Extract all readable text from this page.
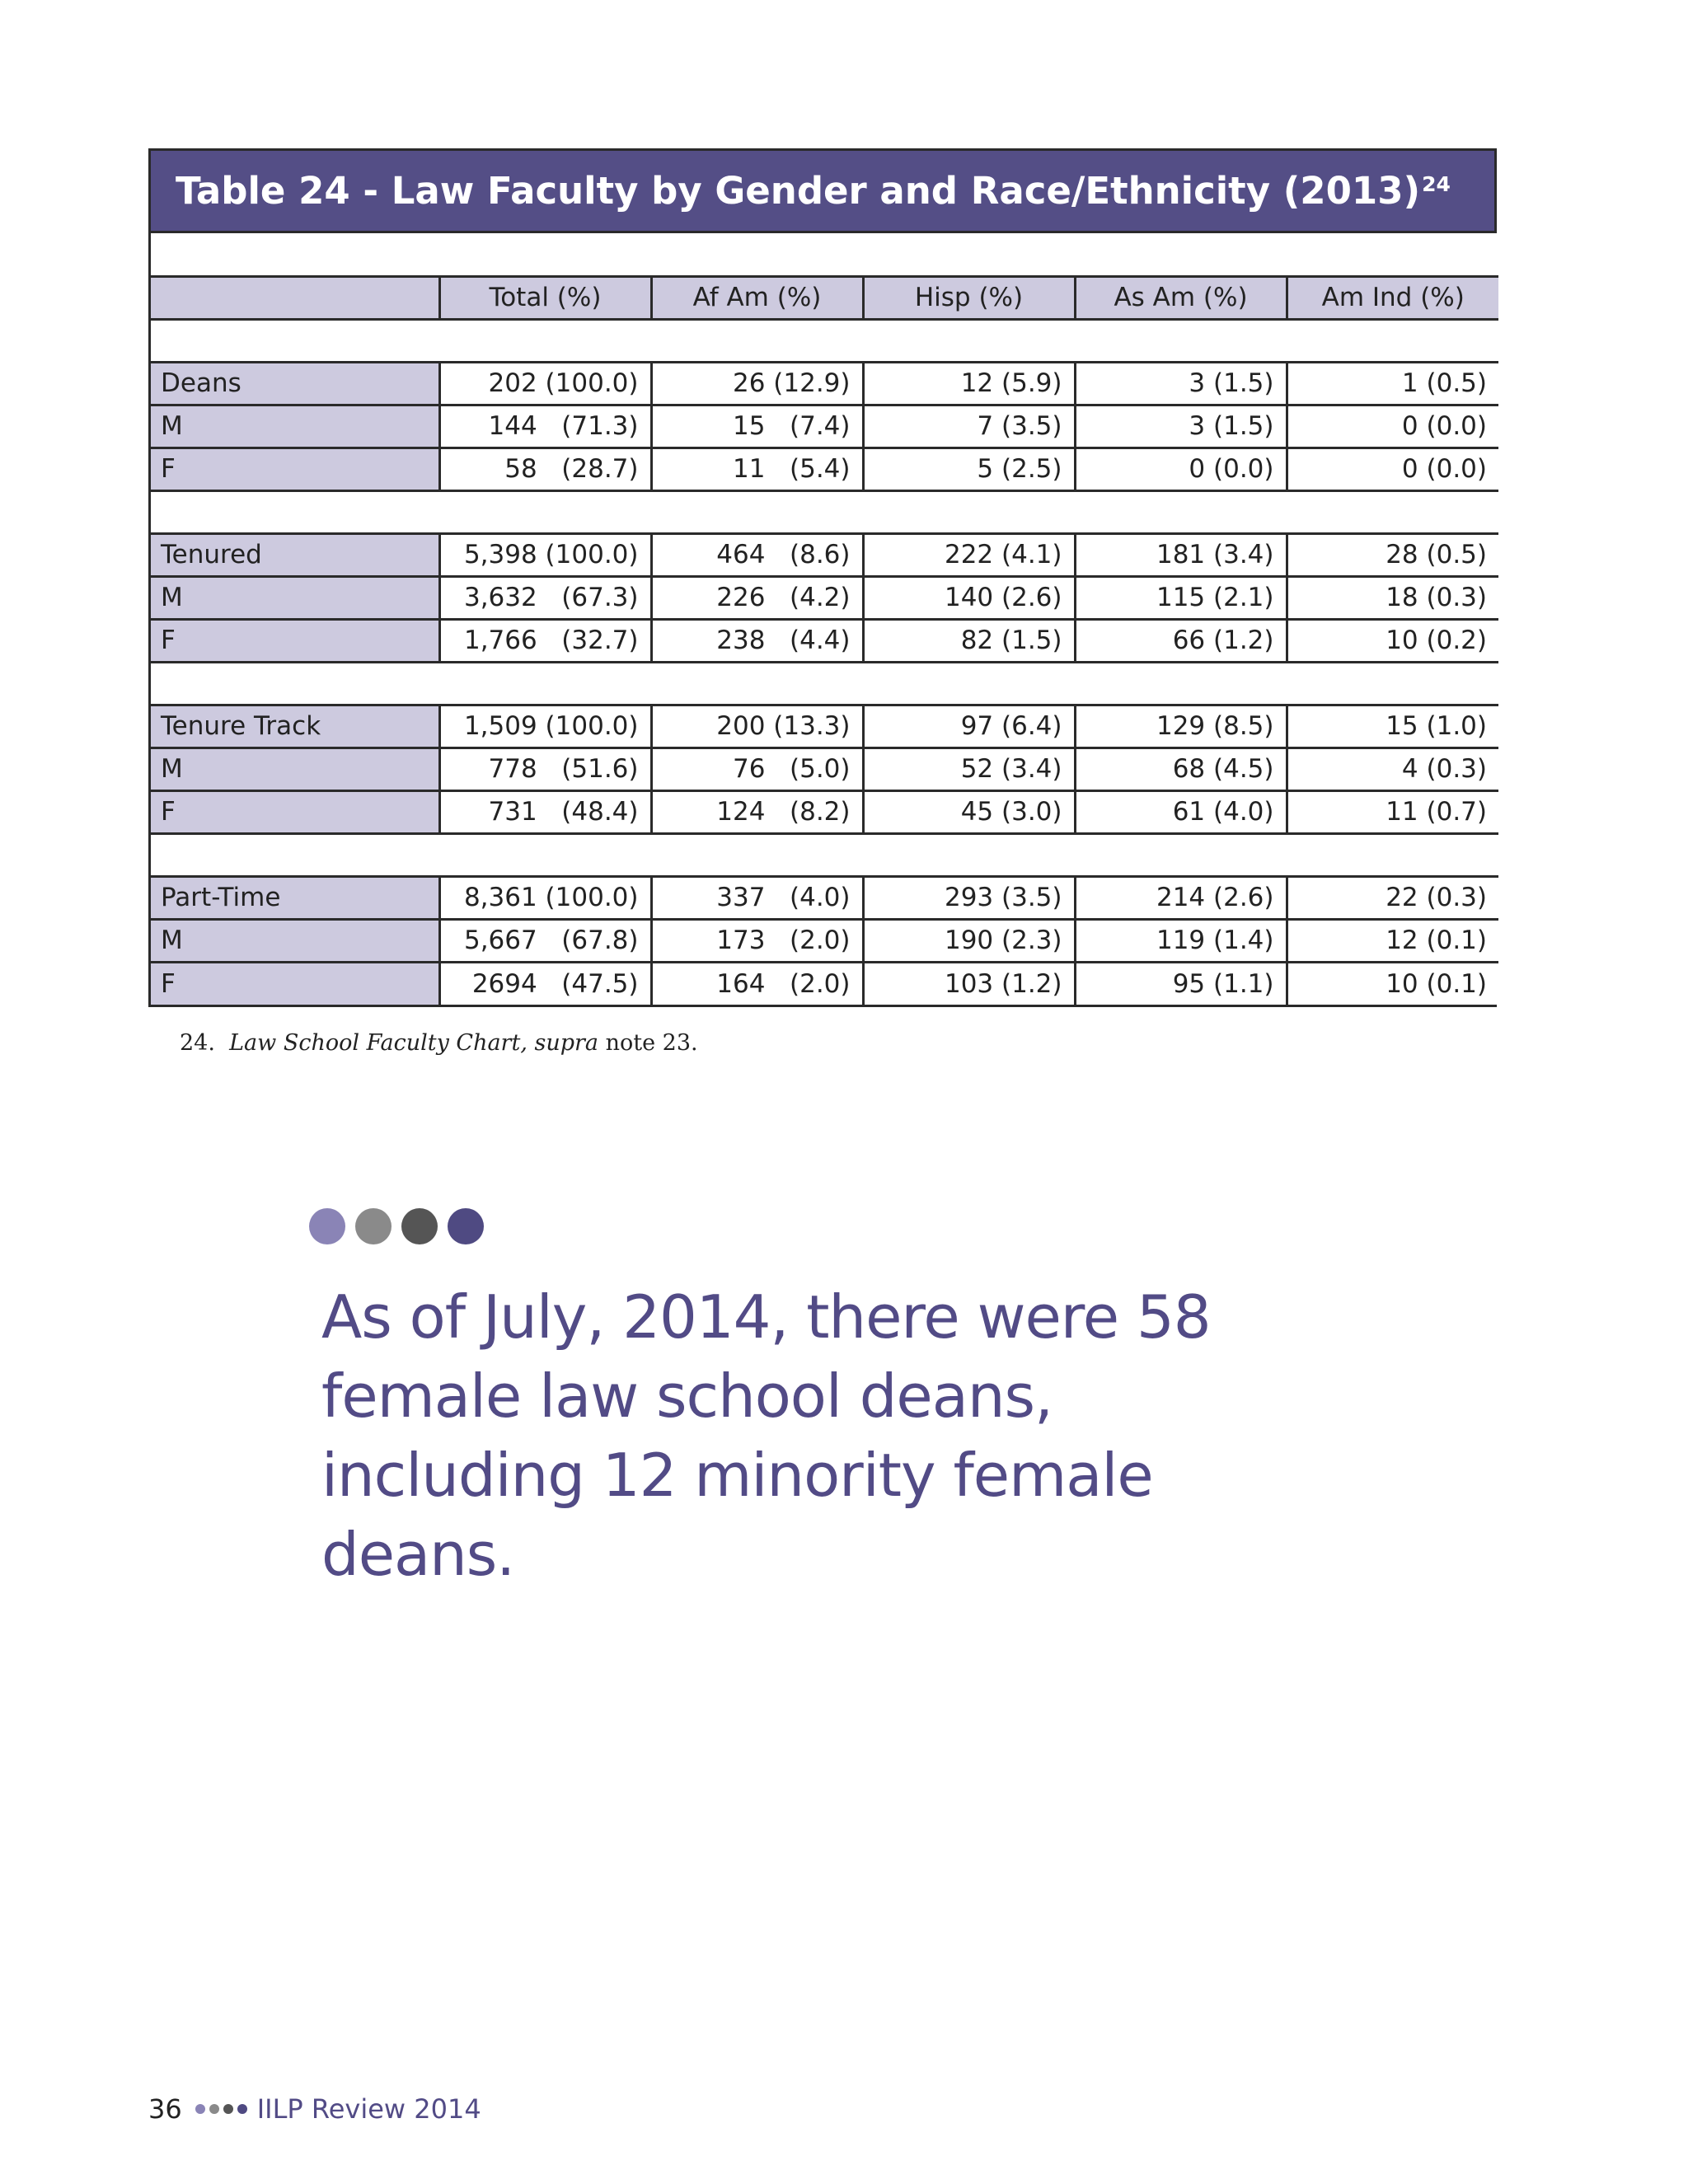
Table 24 - Law Faculty by Gender and Race/Ethnicity $(2013)^{24}$

	Total (%)	Af Am (%)	Hisp (%)	As Am (%)	Am Ind (%)

Deans	202 (100.0)	26 (12.9)	12 (5.9)	3 (1.5)	1 (0.5)
M	144   (71.3)	15   (7.4)	7 (3.5)	3 (1.5)	0 (0.0)
F	58   (28.7)	11   (5.4)	5 (2.5)	0 (0.0)	0 (0.0)

Tenured	5,398 (100.0)	464   (8.6)	222 (4.1)	181 (3.4)	28 (0.5)
M	3,632   (67.3)	226   (4.2)	140 (2.6)	115 (2.1)	18 (0.3)
F	1,766   (32.7)	238   (4.4)	82 (1.5)	66 (1.2)	10 (0.2)

Tenure Track	1,509 (100.0)	200 (13.3)	97 (6.4)	129 (8.5)	15 (1.0)
M	778   (51.6)	76   (5.0)	52 (3.4)	68 (4.5)	4 (0.3)
F	731   (48.4)	124   (8.2)	45 (3.0)	61 (4.0)	11 (0.7)

Part-Time	8,361 (100.0)	337   (4.0)	293 (3.5)	214 (2.6)	22 (0.3)
M	5,667   (67.8)	173   (2.0)	190 (2.3)	119 (1.4)	12 (0.1)
F	2694   (47.5)	164   (2.0)	103 (1.2)	95 (1.1)	10 (0.1)
24. Law School Faculty Chart, supra note 23.
As of July, 2014, there were 58 female law school deans, including 12 minority female deans.
36	IILP Review 2014
